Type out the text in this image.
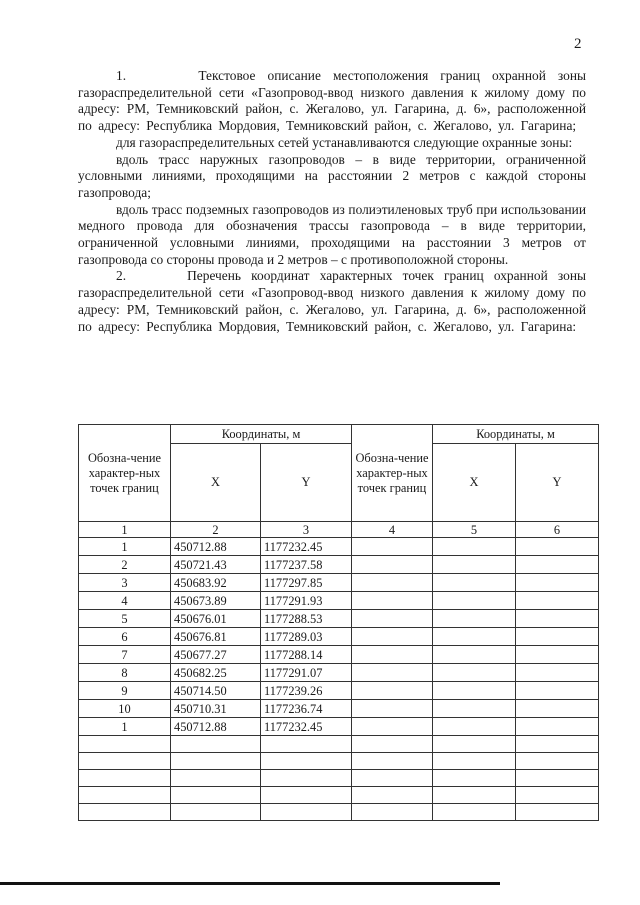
2

1.      Текстовое описание местоположения границ охранной зоны газораспределительной сети «Газопровод-ввод низкого давления к жилому дому по адресу: РМ, Темниковский район, с. Жегалово, ул. Гагарина, д. 6», расположенной по адресу: Республика Мордовия, Темниковский район, с. Жегалово, ул. Гагарина;

для газораспределительных сетей устанавливаются следующие охранные зоны:

вдоль трасс наружных газопроводов – в виде территории, ограниченной условными линиями, проходящими на расстоянии 2 метров с каждой стороны газопровода;

вдоль трасс подземных газопроводов из полиэтиленовых труб при использовании медного провода для обозначения трассы газопровода – в виде территории, ограниченной условными линиями, проходящими на расстоянии 3 метров от газопровода со стороны провода и 2 метров – с противоположной стороны.

2.      Перечень координат характерных точек границ охранной зоны газораспределительной сети «Газопровод-ввод низкого давления к жилому дому по адресу: РМ, Темниковский район, с. Жегалово, ул. Гагарина, д. 6», расположенной по адресу: Республика Мордовия, Темниковский район, с. Жегалово, ул. Гагарина:

Обозна-чение характер-ных точек границ	Координаты, м		Обозна-чение характер-ных точек границ	Координаты, м	
	X	Y		X	Y
1	2	3	4	5	6
1	450712.88	1177232.45			
2	450721.43	1177237.58			
3	450683.92	1177297.85			
4	450673.89	1177291.93			
5	450676.01	1177288.53			
6	450676.81	1177289.03			
7	450677.27	1177288.14			
8	450682.25	1177291.07			
9	450714.50	1177239.26			
10	450710.31	1177236.74			
1	450712.88	1177232.45			
